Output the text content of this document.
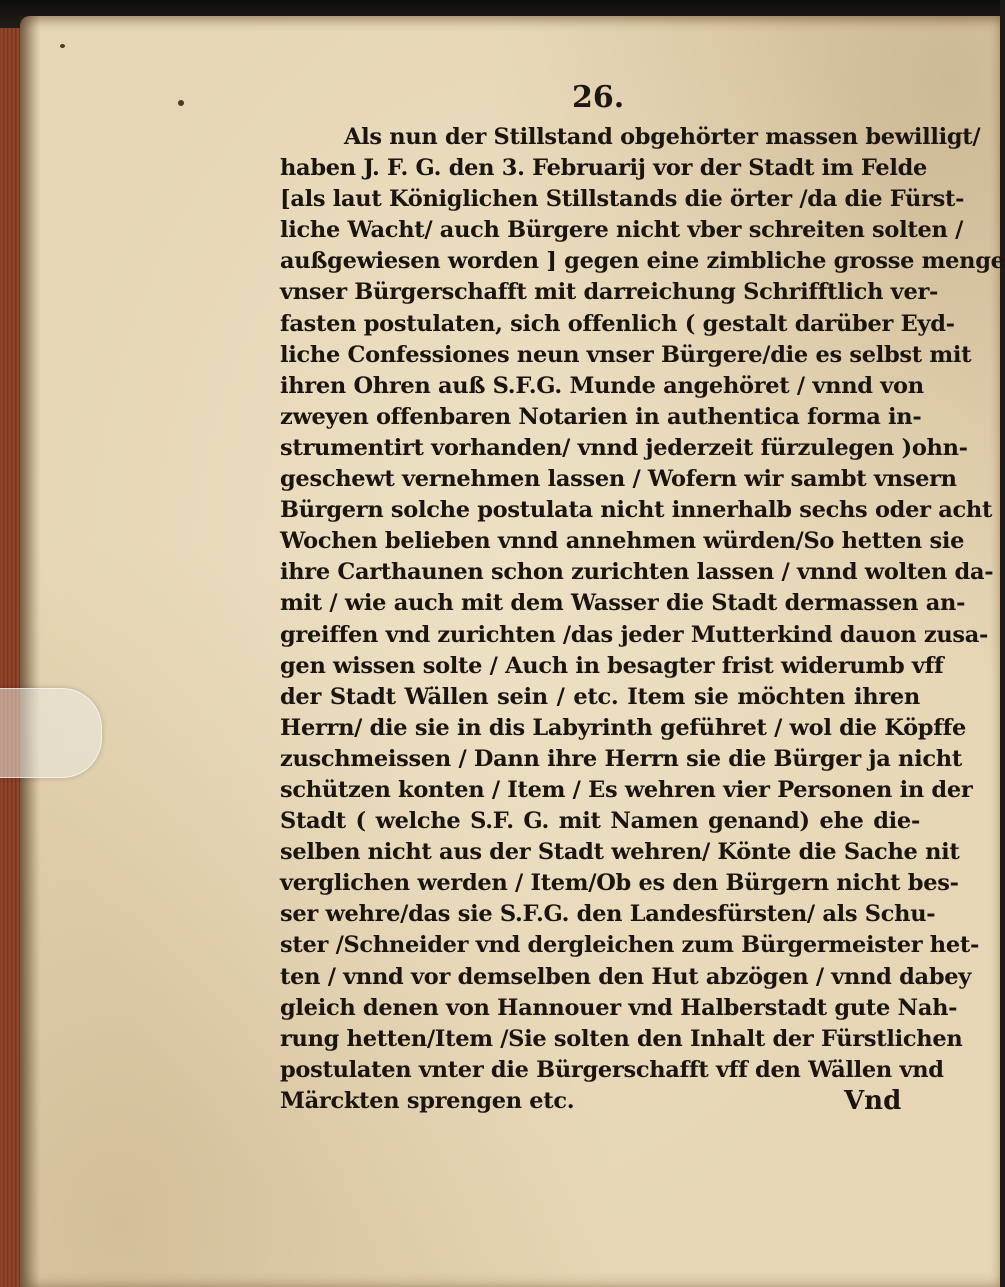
26.
Als nun der Stillstand obgehörter massen bewilligt/
haben J. F. G. den 3. Februarij vor der Stadt im Felde
[als laut Königlichen Stillstands die örter /da die Fürst-
liche Wacht/ auch Bürgere nicht vber schreiten solten /
außgewiesen worden ] gegen eine zimbliche grosse menge
vnser Bürgerschafft mit darreichung Schrifftlich ver-
fasten postulaten, sich offenlich ( gestalt darüber Eyd-
liche Confessiones neun vnser Bürgere/die es selbst mit
ihren Ohren auß S.F.G. Munde angehöret / vnnd von
zweyen offenbaren Notarien in authentica forma in-
strumentirt vorhanden/ vnnd jederzeit fürzulegen )ohn-
geschewt vernehmen lassen / Wofern wir sambt vnsern
Bürgern solche postulata nicht innerhalb sechs oder acht
Wochen belieben vnnd annehmen würden/So hetten sie
ihre Carthaunen schon zurichten lassen / vnnd wolten da-
mit / wie auch mit dem Wasser die Stadt dermassen an-
greiffen vnd zurichten /das jeder Mutterkind dauon zusa-
gen wissen solte / Auch in besagter frist widerumb vff
der Stadt Wällen sein / etc. Item sie möchten ihren
Herrn/ die sie in dis Labyrinth geführet / wol die Köpffe
zuschmeissen / Dann ihre Herrn sie die Bürger ja nicht
schützen konten / Item / Es wehren vier Personen in der
Stadt ( welche S.F. G. mit Namen genand) ehe die-
selben nicht aus der Stadt wehren/ Könte die Sache nit
verglichen werden / Item/Ob es den Bürgern nicht bes-
ser wehre/das sie S.F.G. den Landesfürsten/ als Schu-
ster /Schneider vnd dergleichen zum Bürgermeister het-
ten / vnnd vor demselben den Hut abzögen / vnnd dabey
gleich denen von Hannouer vnd Halberstadt gute Nah-
rung hetten/Item /Sie solten den Inhalt der Fürstlichen
postulaten vnter die Bürgerschafft vff den Wällen vnd
Märckten sprengen etc.	Vnd
